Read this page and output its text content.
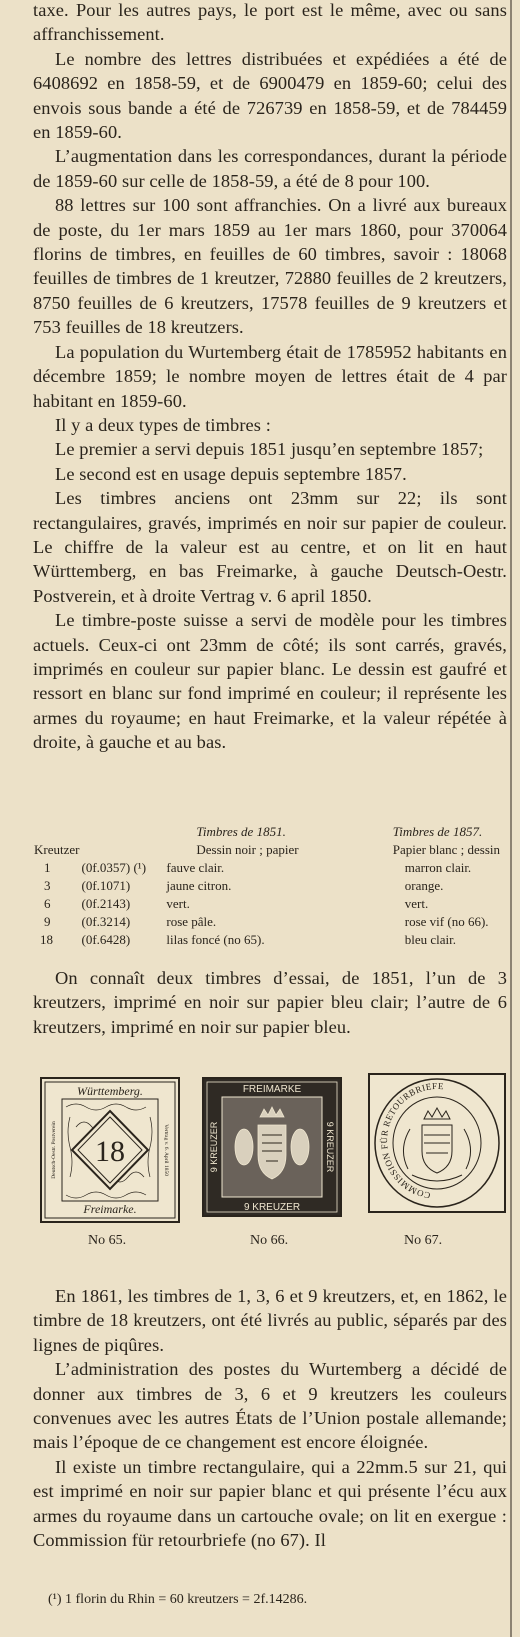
taxe. Pour les autres pays, le port est le même, avec ou sans affranchissement.

Le nombre des lettres distribuées et expédiées a été de 6408692 en 1858-59, et de 6900479 en 1859-60; celui des envois sous bande a été de 726739 en 1858-59, et de 784459 en 1859-60.

L’augmentation dans les correspondances, durant la période de 1859-60 sur celle de 1858-59, a été de 8 pour 100.

88 lettres sur 100 sont affranchies. On a livré aux bureaux de poste, du 1er mars 1859 au 1er mars 1860, pour 370064 florins de timbres, en feuilles de 60 timbres, savoir : 18068 feuilles de timbres de 1 kreutzer, 72880 feuilles de 2 kreutzers, 8750 feuilles de 6 kreutzers, 17578 feuilles de 9 kreutzers et 753 feuilles de 18 kreutzers.

La population du Wurtemberg était de 1785952 habitants en décembre 1859; le nombre moyen de lettres était de 4 par habitant en 1859-60.

Il y a deux types de timbres :

Le premier a servi depuis 1851 jusqu’en septembre 1857;

Le second est en usage depuis septembre 1857.

Les timbres anciens ont 23mm sur 22; ils sont rectangulaires, gravés, imprimés en noir sur papier de couleur. Le chiffre de la valeur est au centre, et on lit en haut Württemberg, en bas Freimarke, à gauche Deutsch-Oestr. Postverein, et à droite Vertrag v. 6 april 1850.

Le timbre-poste suisse a servi de modèle pour les timbres actuels. Ceux-ci ont 23mm de côté; ils sont carrés, gravés, imprimés en couleur sur papier blanc. Le dessin est gaufré et ressort en blanc sur fond imprimé en couleur; il représente les armes du royaume; en haut Freimarke, et la valeur répétée à droite, à gauche et au bas.

		Timbres de 1851.	Timbres de 1857.
Kreutzer		Dessin noir ; papier	Papier blanc ; dessin
1	(0f.0357) (¹)	fauve clair.	marron clair.
3	(0f.1071)	jaune citron.	orange.
6	(0f.2143)	vert.	vert.
9	(0f.3214)	rose pâle.	rose vif (no 66).
18	(0f.6428)	lilas foncé (no 65).	bleu clair.

On connaît deux timbres d’essai, de 1851, l’un de 3 kreutzers, imprimé en noir sur papier bleu clair; l’autre de 6 kreutzers, imprimé en noir sur papier bleu.

18
Württemberg.
Freimarke.
Deutsch-Oestr. Postverein	Vertrag v. 6. April 1850
No 65.
FREIMARKE
9 KREUZER
9 KREUZER	9 KREUZER
No 66.
COMMISSION FÜR RETOURBRIEFE
No 67.

En 1861, les timbres de 1, 3, 6 et 9 kreutzers, et, en 1862, le timbre de 18 kreutzers, ont été livrés au public, séparés par des lignes de piqûres.

L’administration des postes du Wurtemberg a décidé de donner aux timbres de 3, 6 et 9 kreutzers les couleurs convenues avec les autres États de l’Union postale allemande; mais l’époque de ce changement est encore éloignée.

Il existe un timbre rectangulaire, qui a 22mm.5 sur 21, qui est imprimé en noir sur papier blanc et qui présente l’écu aux armes du royaume dans un cartouche ovale; on lit en exergue : Commission für retourbriefe (no 67). Il

(¹) 1 florin du Rhin = 60 kreutzers = 2f.14286.
